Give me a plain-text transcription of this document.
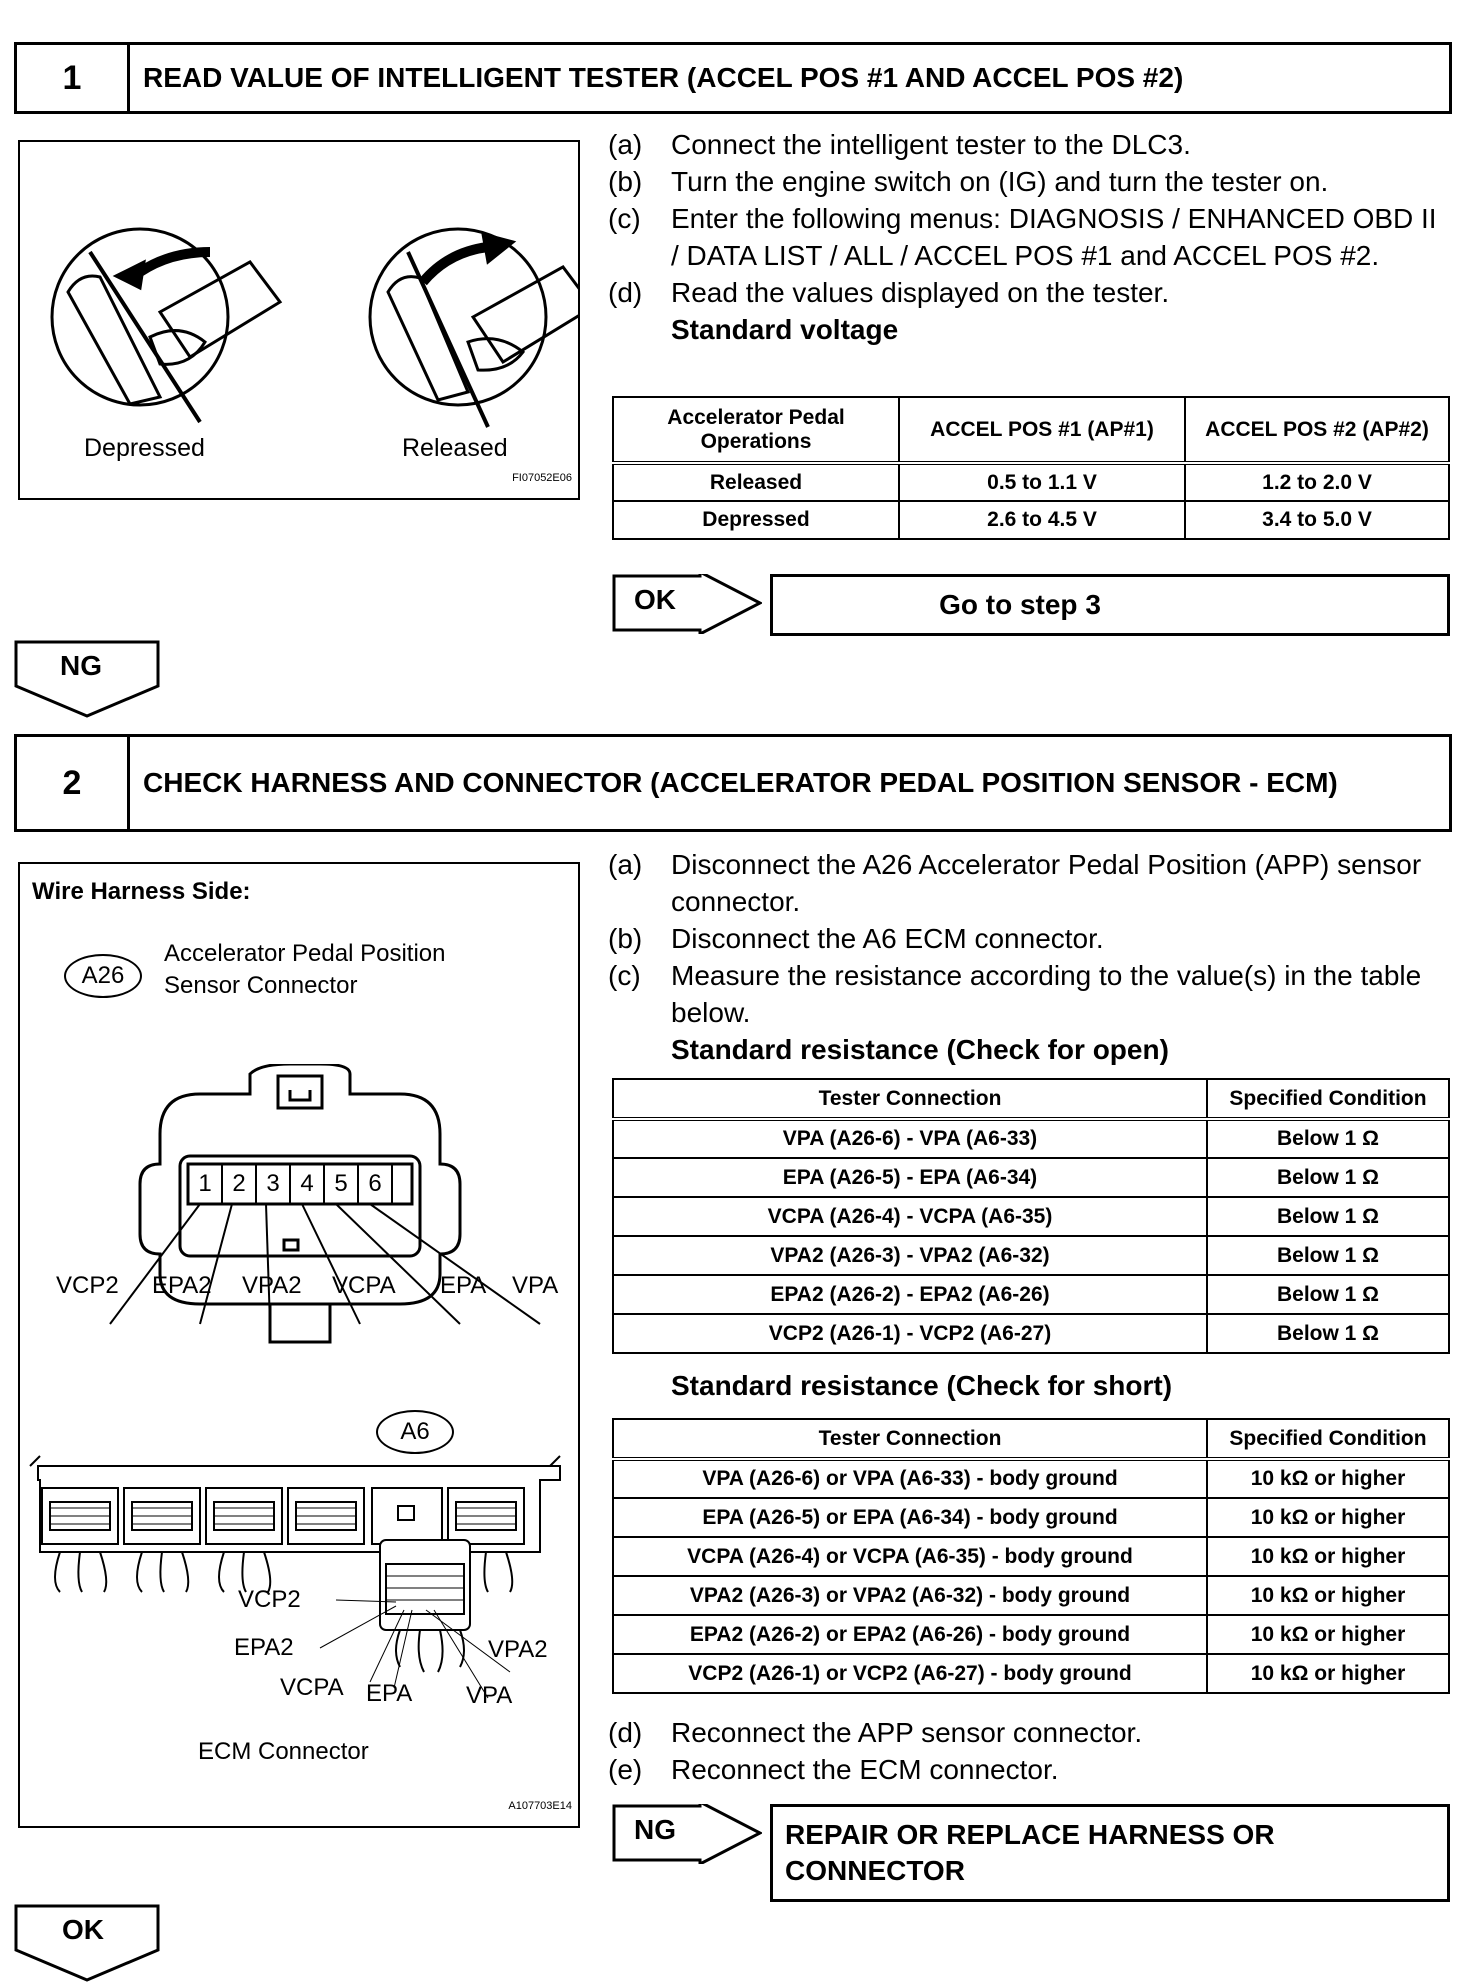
1	READ VALUE OF INTELLIGENT TESTER (ACCEL POS #1 AND ACCEL POS #2)
Depressed	Released
FI07052E06
(a)	Connect the intelligent tester to the DLC3.
(b)	Turn the engine switch on (IG) and turn the tester on.
(c)	Enter the following menus: DIAGNOSIS / ENHANCED OBD II / DATA LIST / ALL / ACCEL POS #1 and ACCEL POS #2.
(d)	Read the values displayed on the tester.
Standard voltage
Accelerator Pedal Operations	ACCEL POS #1 (AP#1)	ACCEL POS #2 (AP#2)
Released	0.5 to 1.1 V	1.2 to 2.0 V
Depressed	2.6 to 4.5 V	3.4 to 5.0 V
OK	Go to step 3
NG
2	CHECK HARNESS AND CONNECTOR (ACCELERATOR PEDAL POSITION SENSOR - ECM)
Wire Harness Side:
A26
Accelerator Pedal Position
Sensor Connector
1 2 3 4 5 6
VCP2 EPA2 VPA2 VCPA EPA VPA
A6
VCP2
EPA2
VCPA EPA
VPA2
VPA
ECM Connector
A107703E14
(a)	Disconnect the A26 Accelerator Pedal Position (APP) sensor connector.
(b)	Disconnect the A6 ECM connector.
(c)	Measure the resistance according to the value(s) in the table below.
Standard resistance (Check for open)
Tester Connection	Specified Condition
VPA (A26-6) - VPA (A6-33)	Below 1 Ω
EPA (A26-5) - EPA (A6-34)	Below 1 Ω
VCPA (A26-4) - VCPA (A6-35)	Below 1 Ω
VPA2 (A26-3) - VPA2 (A6-32)	Below 1 Ω
EPA2 (A26-2) - EPA2 (A6-26)	Below 1 Ω
VCP2 (A26-1) - VCP2 (A6-27)	Below 1 Ω
Standard resistance (Check for short)
Tester Connection	Specified Condition
VPA (A26-6) or VPA (A6-33) - body ground	10 kΩ or higher
EPA (A26-5) or EPA (A6-34) - body ground	10 kΩ or higher
VCPA (A26-4) or VCPA (A6-35) - body ground	10 kΩ or higher
VPA2 (A26-3) or VPA2 (A6-32) - body ground	10 kΩ or higher
EPA2 (A26-2) or EPA2 (A6-26) - body ground	10 kΩ or higher
VCP2 (A26-1) or VCP2 (A6-27) - body ground	10 kΩ or higher
(d)	Reconnect the APP sensor connector.
(e)	Reconnect the ECM connector.
NG	REPAIR OR REPLACE HARNESS OR
CONNECTOR
OK
